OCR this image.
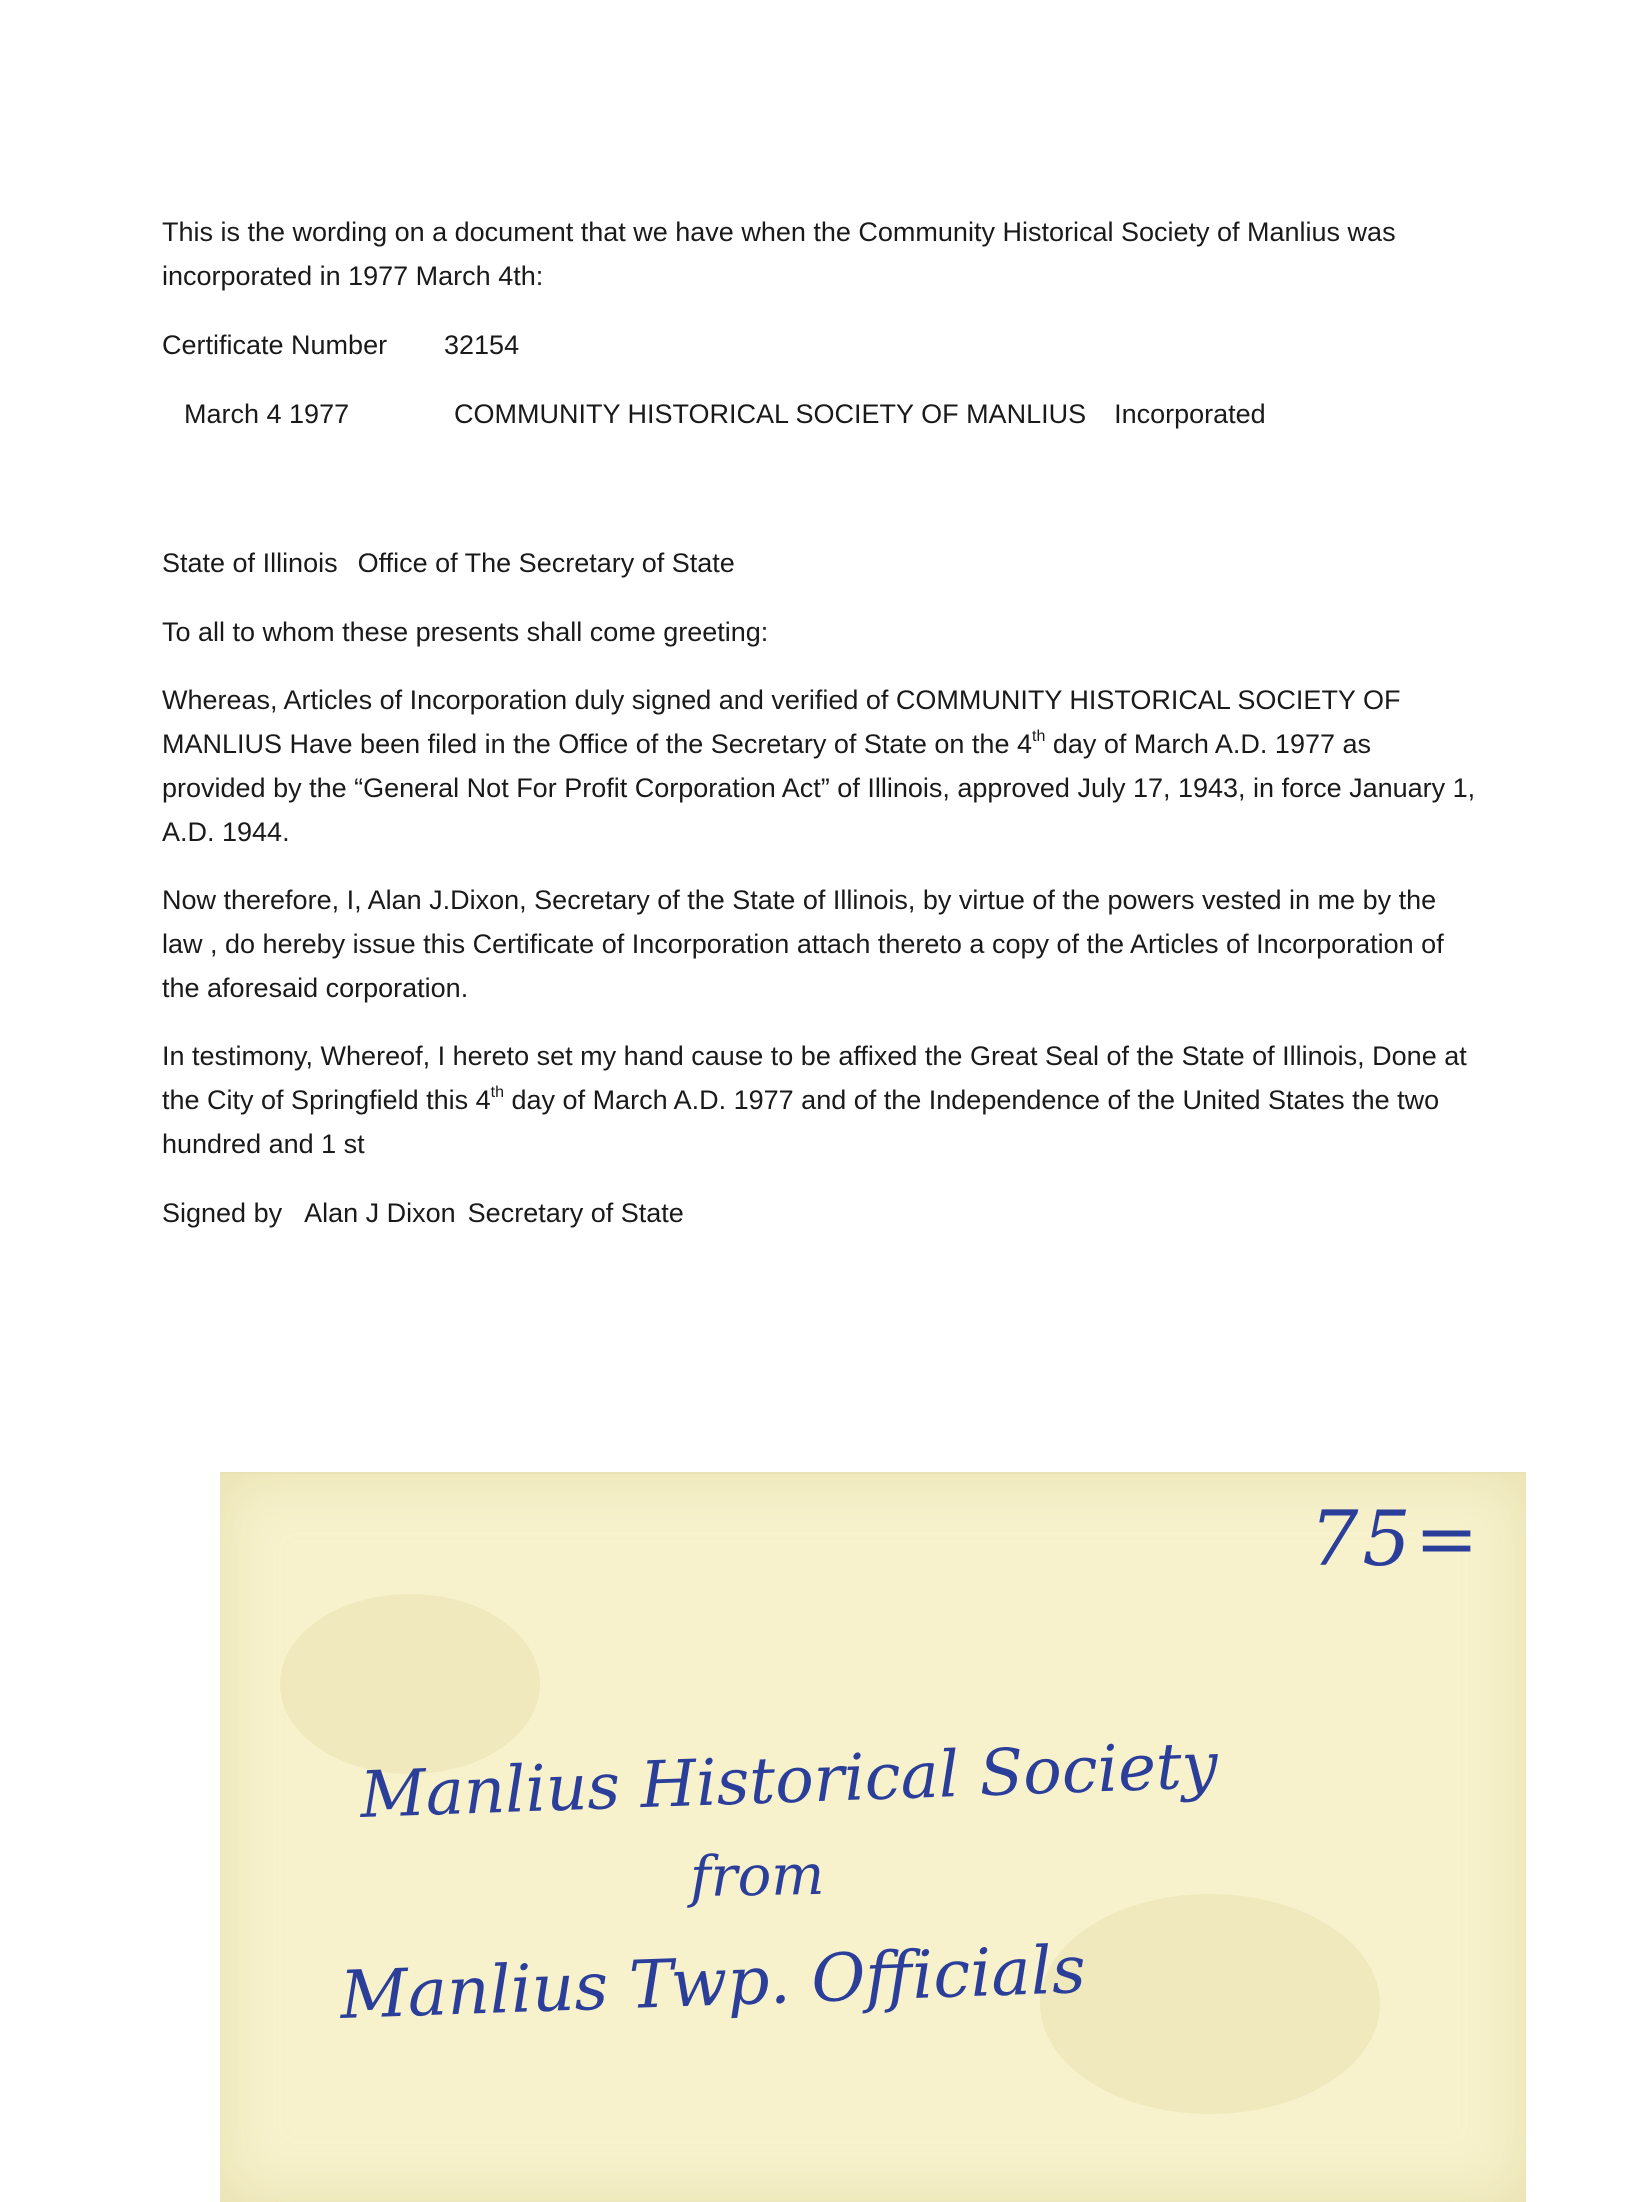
This is the wording on a document that we have when the Community Historical Society of Manlius was incorporated in 1977 March 4th:

Certificate Number 32154

March 4 1977	COMMUNITY HISTORICAL SOCIETY OF MANLIUS Incorporated

State of Illinois Office of The Secretary of State

To all to whom these presents shall come greeting:

Whereas, Articles of Incorporation duly signed and verified of COMMUNITY HISTORICAL SOCIETY OF MANLIUS Have been filed in the Office of the Secretary of State on the 4th day of March A.D. 1977 as provided by the “General Not For Profit Corporation Act” of Illinois, approved July 17, 1943, in force January 1, A.D. 1944.

Now therefore, I, Alan J.Dixon, Secretary of the State of Illinois, by virtue of the powers vested in me by the law , do hereby issue this Certificate of Incorporation attach thereto a copy of the Articles of Incorporation of the aforesaid corporation.

In testimony, Whereof, I hereto set my hand cause to be affixed the Great Seal of the State of Illinois, Done at the City of Springfield this 4th day of March A.D. 1977 and of the Independence of the United States the two hundred and 1 st

Signed by Alan J Dixon Secretary of State

75=
Manlius Historical Society
from
Manlius Twp. Officials
